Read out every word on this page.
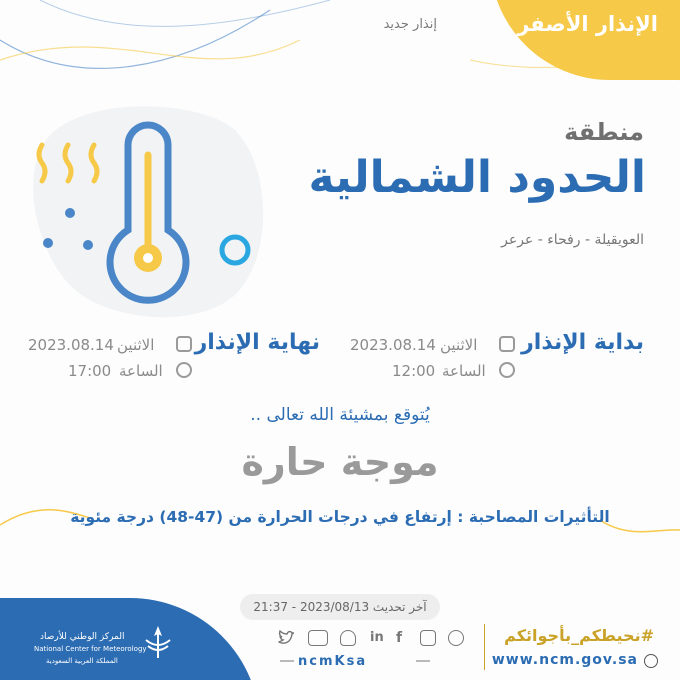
الإنذار الأصفر
إنذار جديد
منطقة
الحدود الشمالية
العويقيلة - رفحاء - عرعر
بداية الإنذار
الاثنين
2023.08.14
الساعة
12:00
نهاية الإنذار
الاثنين
2023.08.14
الساعة
17:00
يُتوقع بمشيئة الله تعالى ..
موجة حارة
التأثيرات المصاحبة : إرتفاع في درجات الحرارة من (47-48) درجة مئوية
آخر تحديث 2023/08/13 - 21:37
المركز الوطني للأرصاد
National Center for Meteorology
المملكة العربية السعودية
in f
ncmKsa
#نحيطكم_بأجوائكم
www.ncm.gov.sa
